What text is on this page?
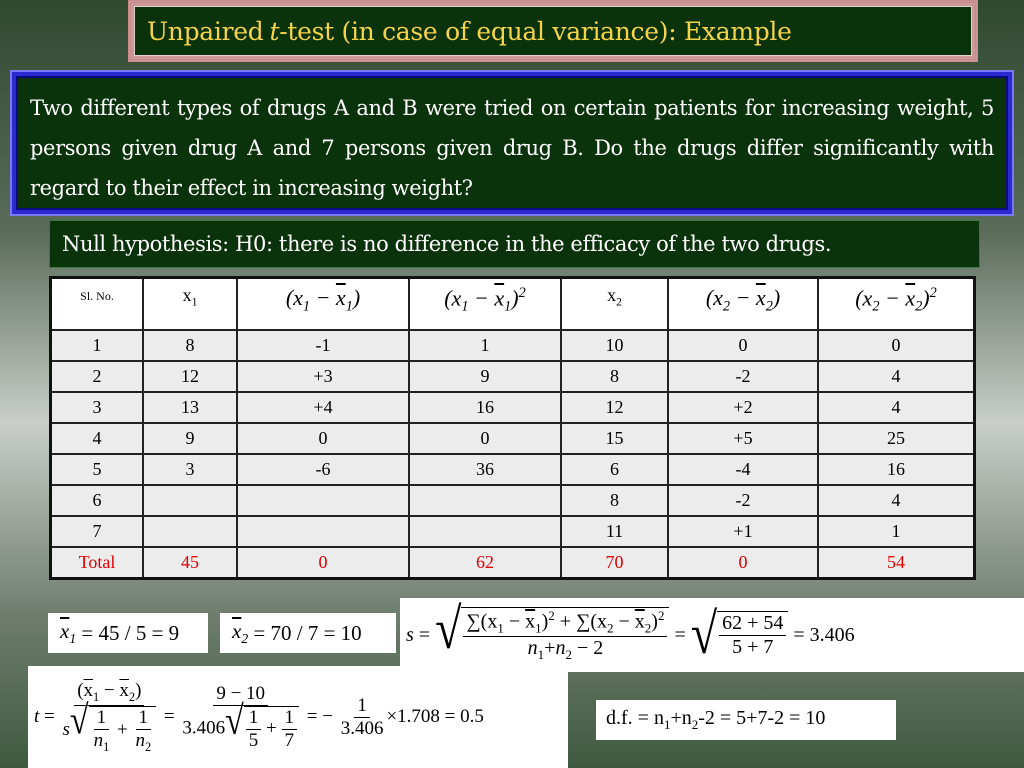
Unpaired t -test (in case of equal variance): Example
Two different types of drugs A and B were tried on certain patients for increasing weight, 5 persons given drug A and 7 persons given drug B. Do the drugs differ significantly with regard to their effect in increasing weight?
Null hypothesis: H0: there is no difference in the efficacy of the two drugs.
Sl. No.	$x_1$	$(x_1 - \overline{x}_1)$	$(x_1 - \overline{x}_1)^2$	$x_2$	$(x_2 - \overline{x}_2)$	$(x_2 - \overline{x}_2)^2$
1	8	-1	1	10	0	0
2	12	+3	9	8	-2	4
3	13	+4	16	12	+2	4
4	9	0	0	15	+5	25
5	3	-6	36	6	-4	16
6				8	-2	4
7				11	+1	1
Total	45	0	62	70	0	54
$\overline{x}_1$
= 45 / 5 = 9	$\overline{x}_2$
= 70 / 7 = 10 s = √ $\frac{\sum(x_1 - \overline{x}_1)^2 + \sum(x_2 - \overline{x}_2)^2}{n_1+n_2 - 2}$ = √ $\frac{62 + 54}{5 + 7}$
= 3.406
$t = \frac{(\overline{x}_1 - \overline{x}_2)}{s √ \frac{1}{n_1} + \frac{1}{n_2}} = \frac{9 - 10}{3.406 √ \frac{1}{5} + \frac{1}{7}}$
= −
$\frac{1}{3.406} \times 1.708 = 0.5$	d.f. = $n_1+n_2-2 = 5+7-2 = 10$
